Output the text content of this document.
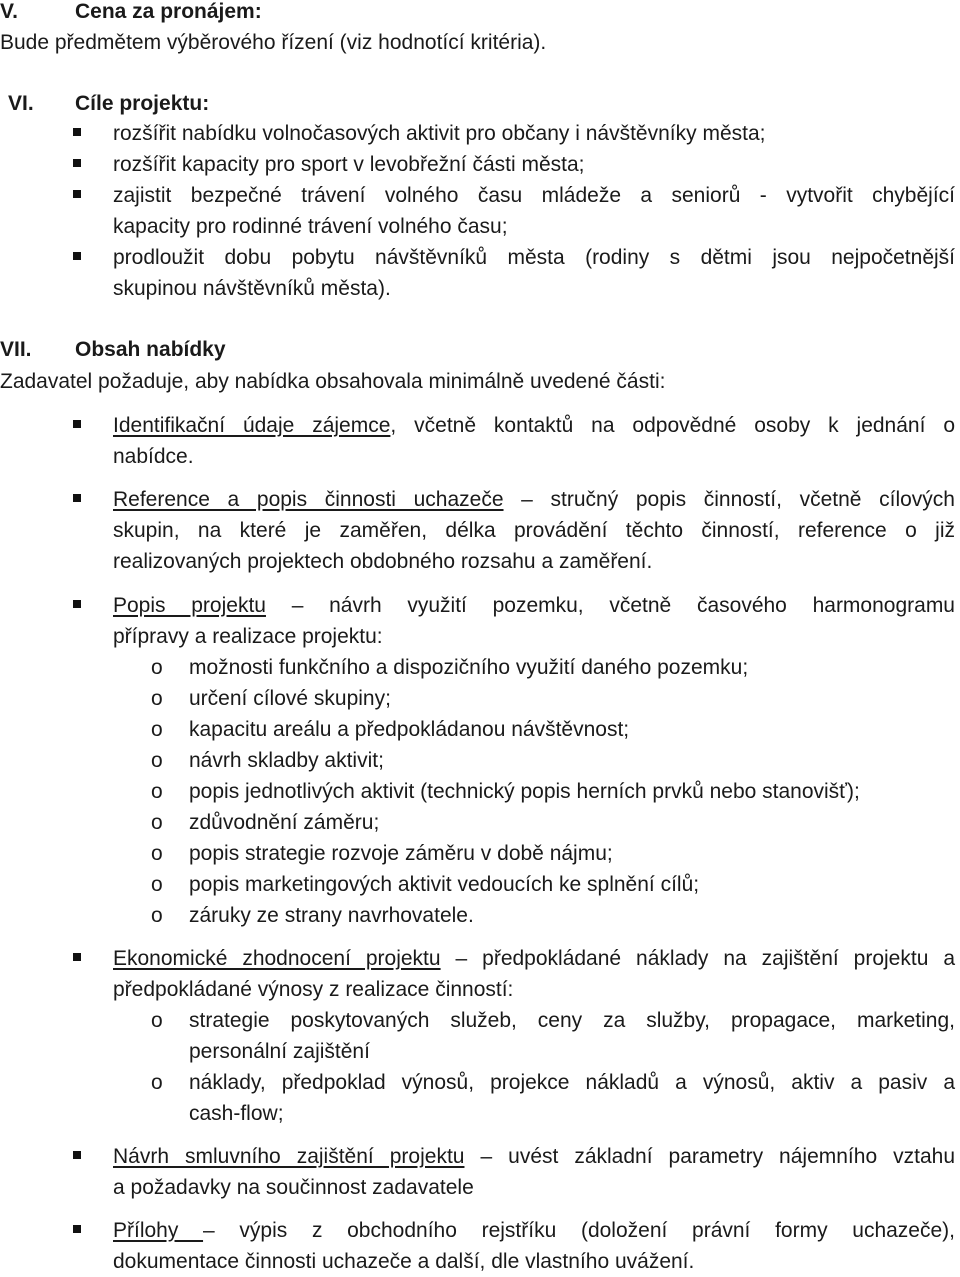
V.	Cena za pronájem:
Bude předmětem výběrového řízení (viz hodnotící kritéria).
VI. Cíle projektu:
rozšířit nabídku volnočasových aktivit pro občany i návštěvníky města;
rozšířit kapacity pro sport v levobřežní části města;
zajistit bezpečné trávení volného času mládeže a seniorů - vytvořit chybějící
kapacity pro rodinné trávení volného času;
prodloužit dobu pobytu návštěvníků města (rodiny s dětmi jsou nejpočetnější
skupinou návštěvníků města).
VII. Obsah nabídky
Zadavatel požaduje, aby nabídka obsahovala minimálně uvedené části:
Identifikační údaje zájemce, včetně kontaktů na odpovědné osoby k jednání o
nabídce.
Reference a popis činnosti uchazeče – stručný popis činností, včetně cílových
skupin, na které je zaměřen, délka provádění těchto činností, reference o již
realizovaných projektech obdobného rozsahu a zaměření.
Popis projektu – návrh využití pozemku, včetně časového harmonogramu
přípravy a realizace projektu:
o možnosti funkčního a dispozičního využití daného pozemku;
o určení cílové skupiny;
o kapacitu areálu a předpokládanou návštěvnost;
o návrh skladby aktivit;
o popis jednotlivých aktivit (technický popis herních prvků nebo stanovišť);
o zdůvodnění záměru;
o popis strategie rozvoje záměru v době nájmu;
o popis marketingových aktivit vedoucích ke splnění cílů;
o záruky ze strany navrhovatele.
Ekonomické zhodnocení projektu – předpokládané náklady na zajištění projektu a
předpokládané výnosy z realizace činností:
o strategie poskytovaných služeb, ceny za služby, propagace, marketing,
personální zajištění
o náklady, předpoklad výnosů, projekce nákladů a výnosů, aktiv a pasiv a
cash-flow;
Návrh smluvního zajištění projektu – uvést základní parametry nájemního vztahu
a požadavky na součinnost zadavatele
Přílohy – výpis z obchodního rejstříku (doložení právní formy uchazeče),
dokumentace činnosti uchazeče a další, dle vlastního uvážení.
